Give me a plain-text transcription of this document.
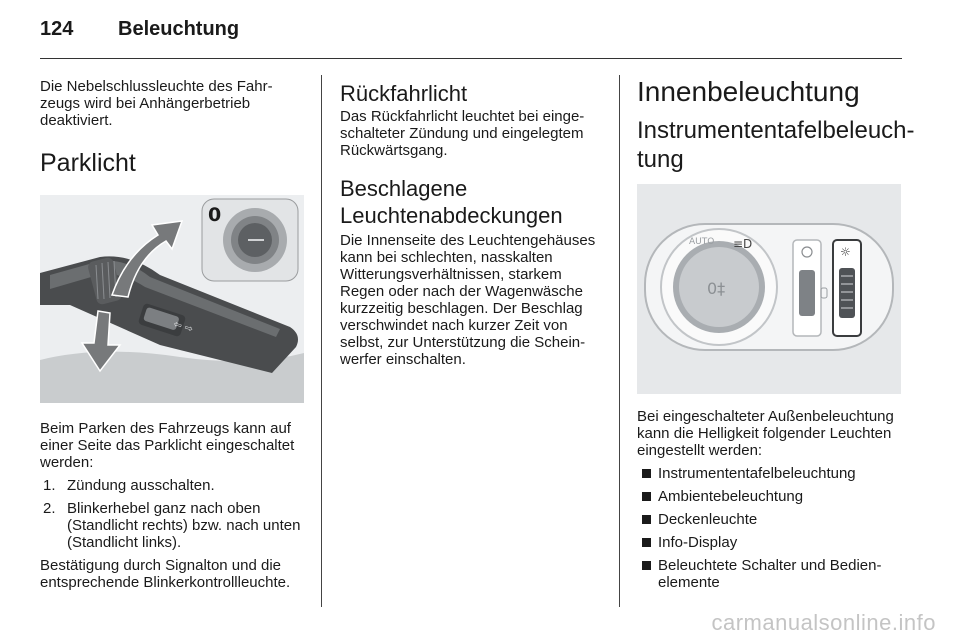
124 Beleuchtung

Die Nebelschlussleuchte des Fahrzeugs wird bei Anhängerbetrieb deaktiviert.

Parklicht
⇦ ⇨
0

Beim Parken des Fahrzeugs kann auf einer Seite das Parklicht eingeschaltet werden:

1. Zündung ausschalten.
2. Blinkerhebel ganz nach oben (Standlicht rechts) bzw. nach unten (Standlicht links).

Bestätigung durch Signalton und die entsprechende Blinkerkontrollleuchte.

Rückfahrlicht

Das Rückfahrlicht leuchtet bei eingeschalteter Zündung und eingelegtem Rückwärtsgang.

Beschlagene Leuchtenabdeckungen

Die Innenseite des Leuchtengehäuses kann bei schlechten, nasskalten Witterungsverhältnissen, starkem Regen oder nach der Wagenwäsche kurzzeitig beschlagen. Der Beschlag verschwindet nach kurzer Zeit von selbst, zur Unterstützung die Scheinwerfer einschalten.

Innenbeleuchtung
Instrumententafelbeleuchtung
0‡
AUTO ≡D
☼

Bei eingeschalteter Außenbeleuchtung kann die Helligkeit folgender Leuchten eingestellt werden:

Instrumententafelbeleuchtung
Ambientebeleuchtung
Deckenleuchte
Info-Display
Beleuchtete Schalter und Bedienelemente
carmanualsonline.info
